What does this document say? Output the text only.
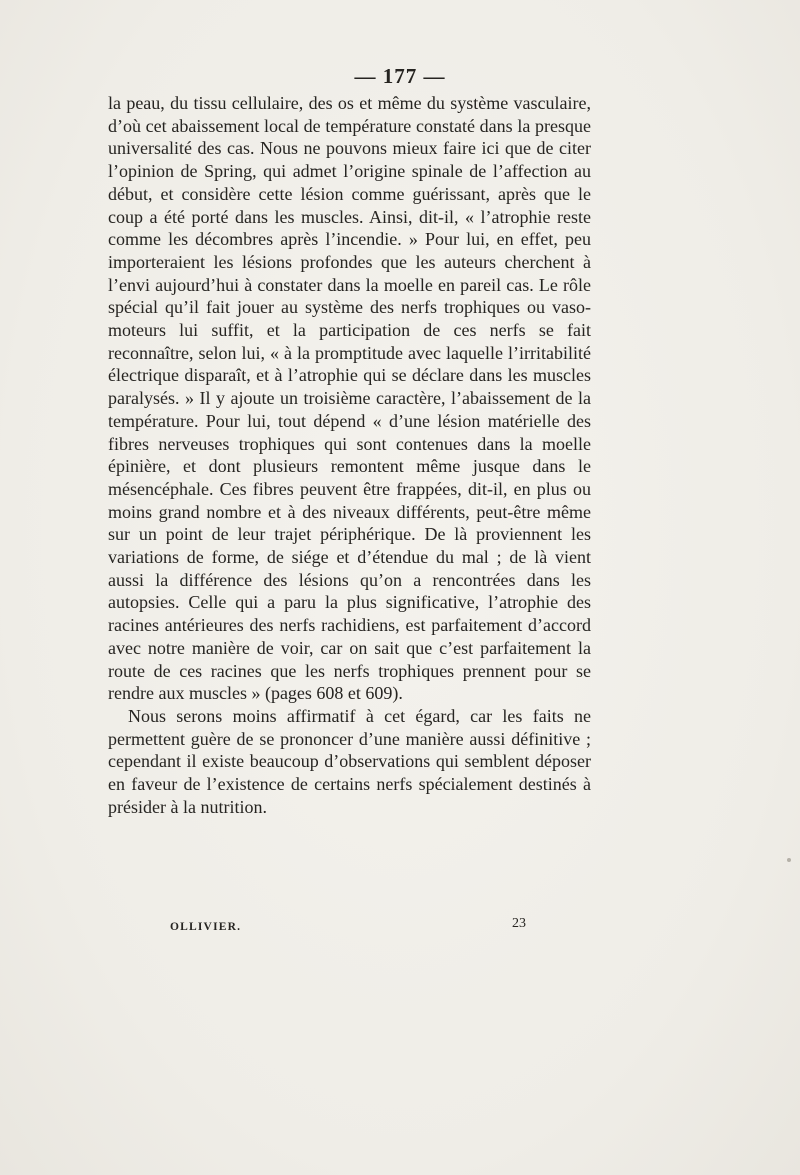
— 177 —

la peau, du tissu cellulaire, des os et même du système vasculaire, d’où cet abaissement local de température constaté dans la presque universalité des cas. Nous ne pouvons mieux faire ici que de citer l’opinion de Spring, qui admet l’origine spinale de l’affection au début, et considère cette lésion comme guérissant, après que le coup a été porté dans les muscles. Ainsi, dit-il, « l’atrophie reste comme les décombres après l’incendie. » Pour lui, en effet, peu importeraient les lésions profondes que les auteurs cherchent à l’envi aujourd’hui à constater dans la moelle en pareil cas. Le rôle spécial qu’il fait jouer au système des nerfs trophiques ou vaso-moteurs lui suffit, et la participation de ces nerfs se fait reconnaître, selon lui, « à la promptitude avec laquelle l’irritabilité électrique disparaît, et à l’atrophie qui se déclare dans les muscles paralysés. » Il y ajoute un troisième caractère, l’abaissement de la température. Pour lui, tout dépend « d’une lésion matérielle des fibres nerveuses trophiques qui sont contenues dans la moelle épinière, et dont plusieurs remontent même jusque dans le mésencéphale. Ces fibres peuvent être frappées, dit-il, en plus ou moins grand nombre et à des niveaux différents, peut-être même sur un point de leur trajet périphérique. De là proviennent les variations de forme, de siége et d’étendue du mal ; de là vient aussi la différence des lésions qu’on a rencontrées dans les autopsies. Celle qui a paru la plus significative, l’atrophie des racines antérieures des nerfs rachidiens, est parfaitement d’accord avec notre manière de voir, car on sait que c’est parfaitement la route de ces racines que les nerfs trophiques prennent pour se rendre aux muscles » (pages 608 et 609).

Nous serons moins affirmatif à cet égard, car les faits ne permettent guère de se prononcer d’une manière aussi définitive ; cependant il existe beaucoup d’observations qui semblent déposer en faveur de l’existence de certains nerfs spécialement destinés à présider à la nutrition.

OLLIVIER.	23
